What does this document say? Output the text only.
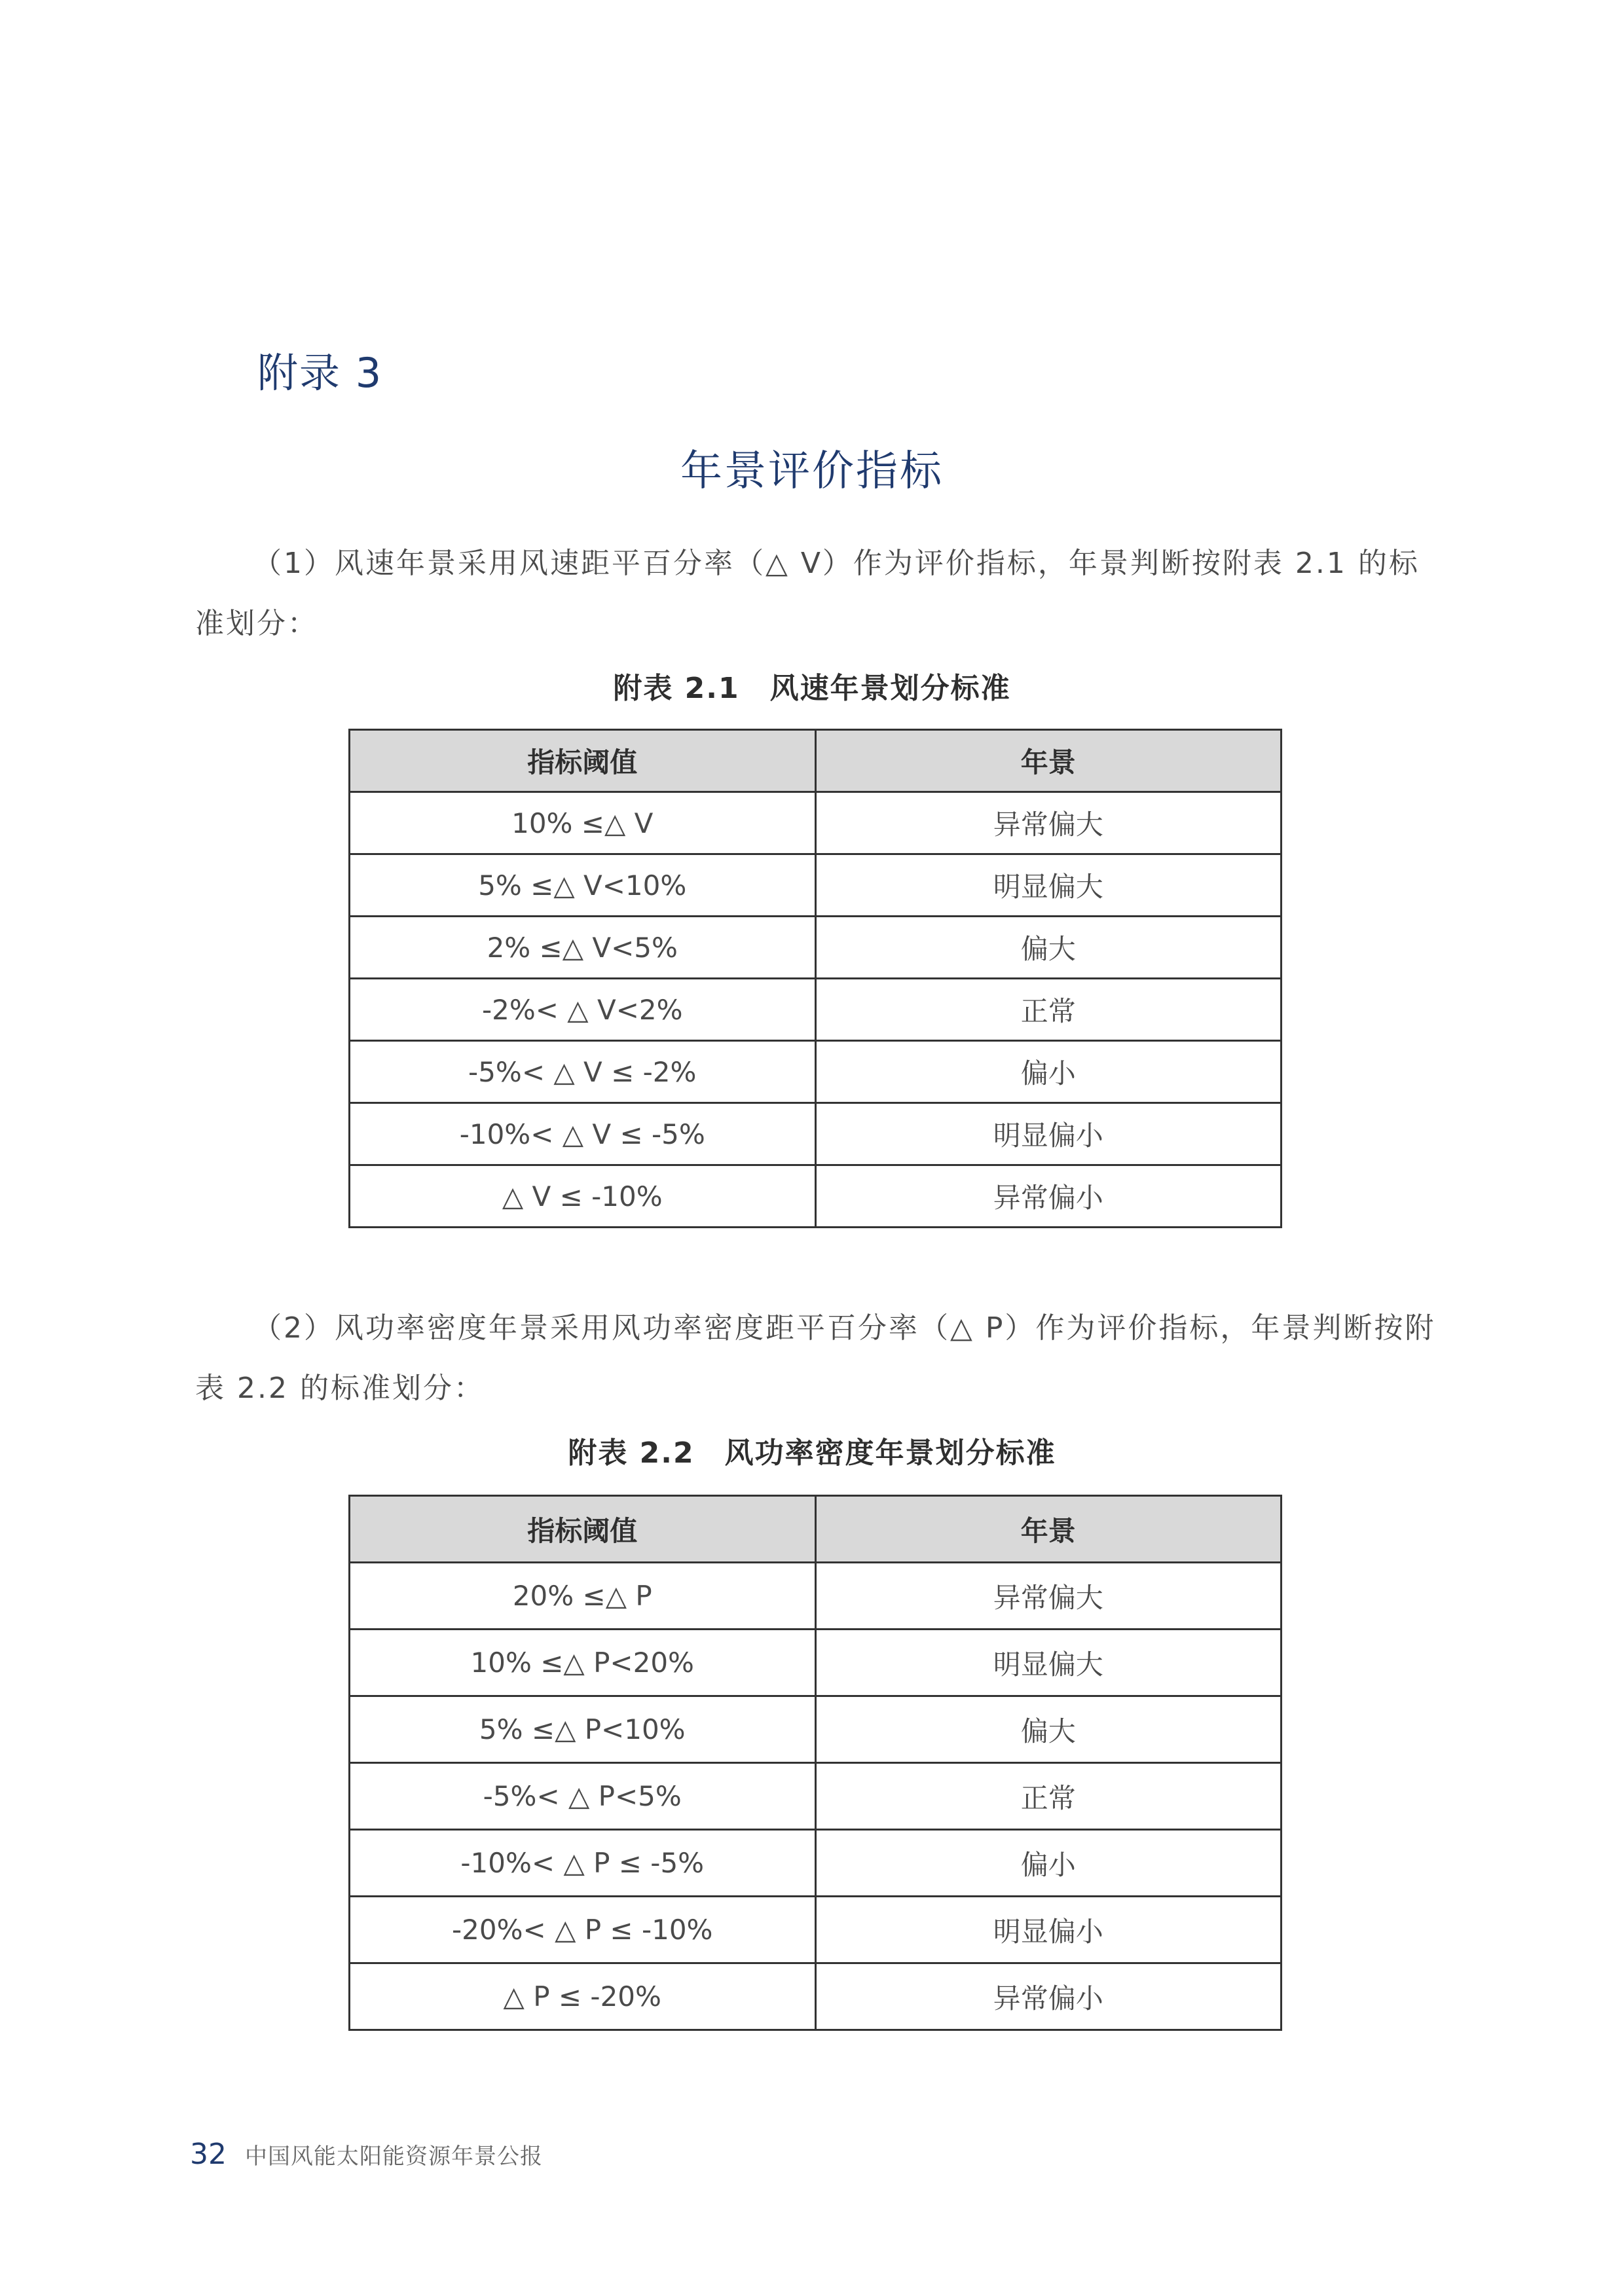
附录 3
年景评价指标

（1）风速年景采用风速距平百分率（△ V）作为评价指标，年景判断按附表 2.1 的标准划分：

附表 2.1　风速年景划分标准
指标阈值	年景
10% ≤△ V	异常偏大
5% ≤△ V<10%	明显偏大
2% ≤△ V<5%	偏大
-2%< △ V<2%	正常
-5%< △ V ≤ -2%	偏小
-10%< △ V ≤ -5%	明显偏小
△ V ≤ -10%	异常偏小

（2）风功率密度年景采用风功率密度距平百分率（△ P）作为评价指标，年景判断按附表 2.2 的标准划分：

附表 2.2　风功率密度年景划分标准
指标阈值	年景
20% ≤△ P	异常偏大
10% ≤△ P<20%	明显偏大
5% ≤△ P<10%	偏大
-5%< △ P<5%	正常
-10%< △ P ≤ -5%	偏小
-20%< △ P ≤ -10%	明显偏小
△ P ≤ -20%	异常偏小
32 中国风能太阳能资源年景公报
